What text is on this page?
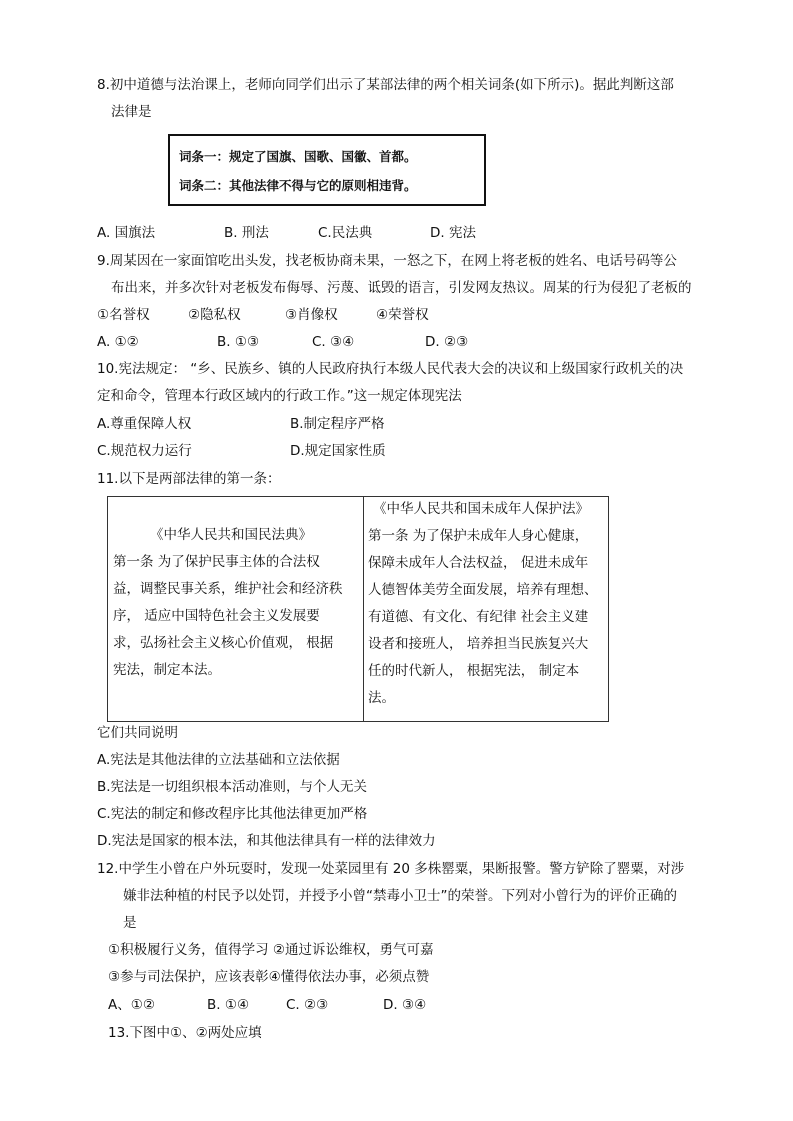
8.初中道德与法治课上，老师向同学们出示了某部法律的两个相关词条(如下所示)。据此判断这部
法律是
词条一：规定了国旗、国歌、国徽、首都。
词条二：其他法律不得与它的原则相违背。
A. 国旗法	B. 刑法	C.民法典	D. 宪法
9.周某因在一家面馆吃出头发，找老板协商未果，一怒之下，在网上将老板的姓名、电话号码等公
布出来，并多次针对老板发布侮辱、污蔑、诋毁的语言，引发网友热议。周某的行为侵犯了老板的
①名誉权	②隐私权	③肖像权	④荣誉权
A. ①②	B. ①③	C. ③④	D. ②③
10.宪法规定： “乡、民族乡、镇的人民政府执行本级人民代表大会的决议和上级国家行政机关的决
定和命令，管理本行政区域内的行政工作。”这一规定体现宪法
A.尊重保障人权	B.制定程序严格
C.规范权力运行	D.规定国家性质
11.以下是两部法律的第一条：
《中华人民共和国民法典》
第一条 为了保护民事主体的合法权
益，调整民事关系，维护社会和经济秩
序， 适应中国特色社会主义发展要
求，弘扬社会主义核心价值观， 根据
宪法，制定本法。
《中华人民共和国未成年人保护法》
第一条 为了保护未成年人身心健康，
保障未成年人合法权益， 促进未成年
人德智体美劳全面发展，培养有理想、
有道德、有文化、有纪律 社会主义建
设者和接班人， 培养担当民族复兴大
任的时代新人， 根据宪法， 制定本
法。
它们共同说明
A.宪法是其他法律的立法基础和立法依据
B.宪法是一切组织根本活动准则，与个人无关
C.宪法的制定和修改程序比其他法律更加严格
D.宪法是国家的根本法，和其他法律具有一样的法律效力
12.中学生小曾在户外玩耍时，发现一处菜园里有 20 多株罂粟，果断报警。警方铲除了罂粟，对涉
嫌非法种植的村民予以处罚，并授予小曾“禁毒小卫士”的荣誉。下列对小曾行为的评价正确的
是
①积极履行义务，值得学习 ②通过诉讼维权，勇气可嘉
③参与司法保护，应该表彰④懂得依法办事，必须点赞
A、①②	B. ①④	C. ②③	D. ③④
13.下图中①、②两处应填
